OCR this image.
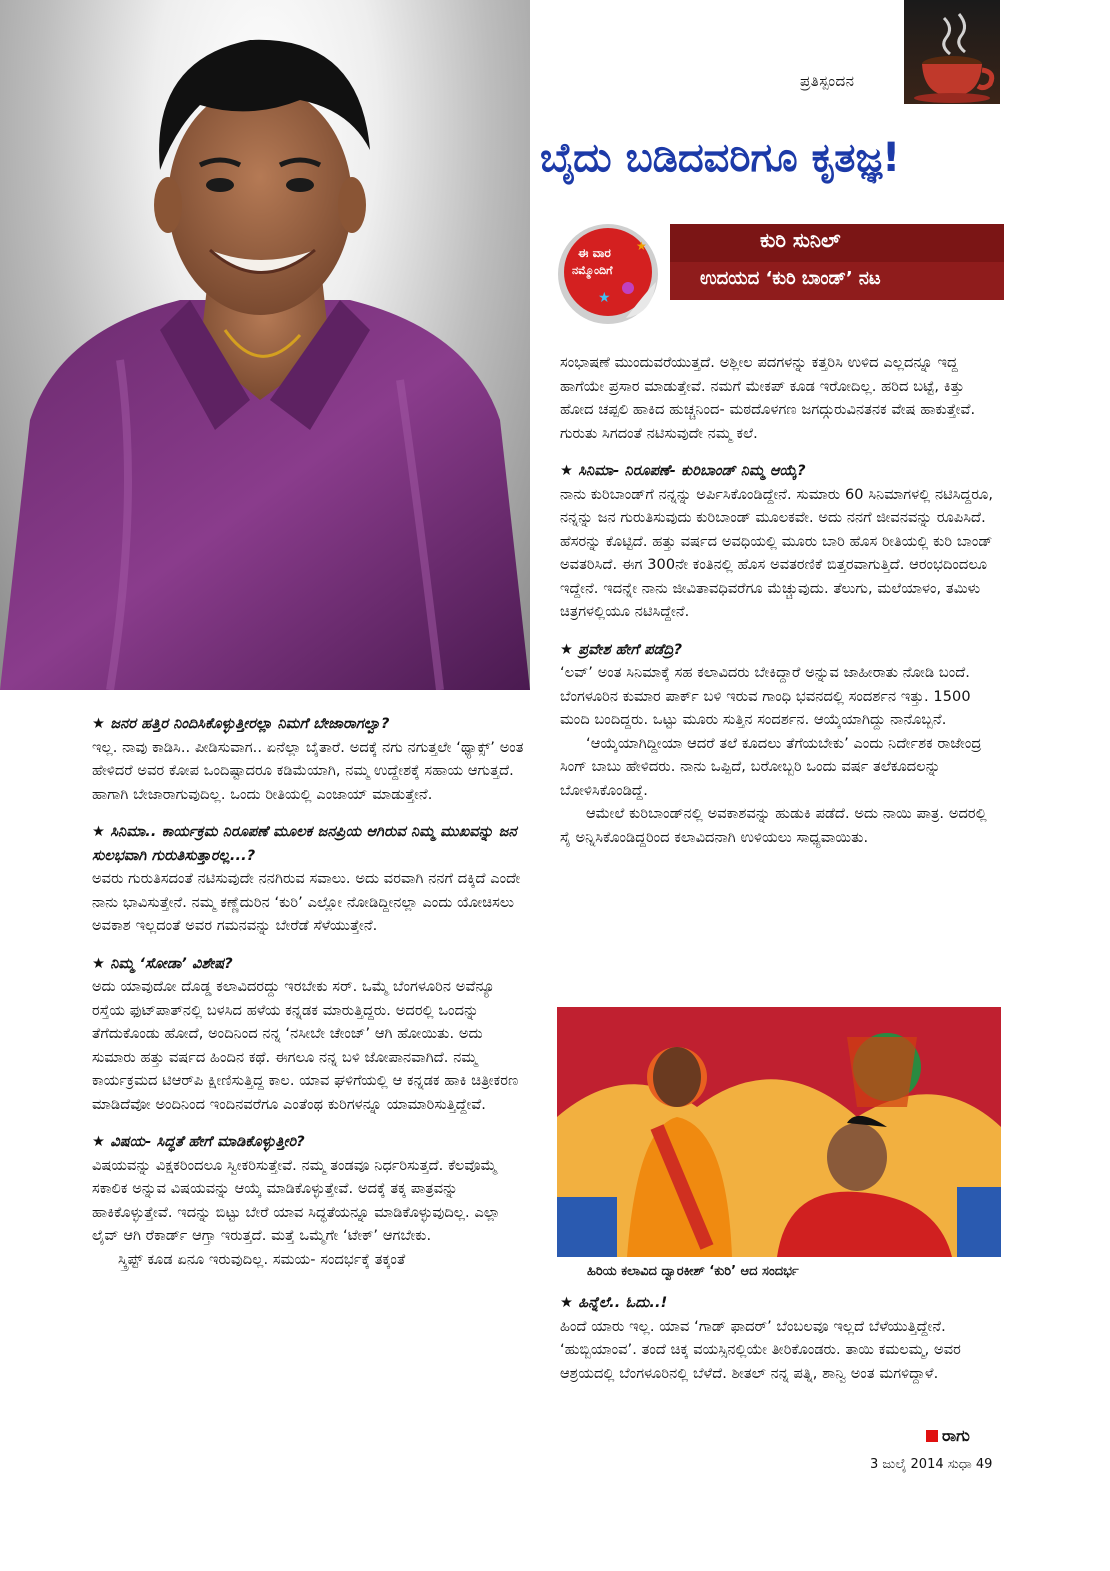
ಪ್ರತಿಸ್ಪಂದನ
ಬೈದು ಬಡಿದವರಿಗೂ ಕೃತಜ್ಞ!
ಕುರಿ ಸುನಿಲ್
ಉದಯದ ‘ಕುರಿ ಬಾಂಡ್’ ನಟ
★
★
ಈ ವಾರ
ನಮ್ಮೊಂದಿಗೆ

★ ಜನರ ಹತ್ತಿರ ನಿಂದಿಸಿಕೊಳ್ಳುತ್ತೀರಲ್ಲಾ ನಿಮಗೆ ಬೇಜಾರಾಗಲ್ವಾ?

ಇಲ್ಲ. ನಾವು ಕಾಡಿಸಿ.. ಪೀಡಿಸುವಾಗ.. ಏನೆಲ್ಲಾ ಬೈತಾರೆ. ಅದಕ್ಕೆ ನಗು ನಗುತ್ತಲೇ ‘ಥ್ಯಾಕ್ಸ್’ ಅಂತ ಹೇಳಿದರೆ ಅವರ ಕೋಪ ಒಂದಿಷ್ಟಾದರೂ ಕಡಿಮೆಯಾಗಿ, ನಮ್ಮ ಉದ್ದೇಶಕ್ಕೆ ಸಹಾಯ ಆಗುತ್ತದೆ. ಹಾಗಾಗಿ ಬೇಜಾರಾಗುವುದಿಲ್ಲ. ಒಂದು ರೀತಿಯಲ್ಲಿ ಎಂಜಾಯ್ ಮಾಡುತ್ತೇನೆ.

★ ಸಿನಿಮಾ.. ಕಾರ್ಯಕ್ರಮ ನಿರೂಪಣೆ ಮೂಲಕ ಜನಪ್ರಿಯ ಆಗಿರುವ ನಿಮ್ಮ ಮುಖವನ್ನು ಜನ ಸುಲಭವಾಗಿ ಗುರುತಿಸುತ್ತಾರಲ್ಲ...?

ಅವರು ಗುರುತಿಸದಂತೆ ನಟಿಸುವುದೇ ನನಗಿರುವ ಸವಾಲು. ಅದು ವರವಾಗಿ ನನಗೆ ದಕ್ಕಿದೆ ಎಂದೇ ನಾನು ಭಾವಿಸುತ್ತೇನೆ. ನಮ್ಮ ಕಣ್ಣೆದುರಿನ ‘ಕುರಿ’ ಎಲ್ಲೋ ನೋಡಿದ್ದೀನಲ್ಲಾ ಎಂದು ಯೋಚಿಸಲು ಅವಕಾಶ ಇಲ್ಲದಂತೆ ಅವರ ಗಮನವನ್ನು ಬೇರೆಡೆ ಸೆಳೆಯುತ್ತೇನೆ.

★ ನಿಮ್ಮ ‘ಸೋಡಾ’ ವಿಶೇಷ?

ಅದು ಯಾವುದೋ ದೊಡ್ಡ ಕಲಾವಿದರದ್ದು ಇರಬೇಕು ಸರ್. ಒಮ್ಮೆ ಬೆಂಗಳೂರಿನ ಅವೆನ್ಯೂ ರಸ್ತೆಯ ಫುಟ್‌ಪಾತ್‌ನಲ್ಲಿ ಬಳಸಿದ ಹಳೆಯ ಕನ್ನಡಕ ಮಾರುತ್ತಿದ್ದರು. ಅದರಲ್ಲಿ ಒಂದನ್ನು ತೆಗೆದುಕೊಂಡು ಹೋದೆ, ಅಂದಿನಿಂದ ನನ್ನ ‘ನಸೀಬೇ ಚೇಂಜ್’ ಆಗಿ ಹೋಯಿತು. ಅದು ಸುಮಾರು ಹತ್ತು ವರ್ಷದ ಹಿಂದಿನ ಕಥೆ. ಈಗಲೂ ನನ್ನ ಬಳಿ ಜೋಪಾನವಾಗಿದೆ. ನಮ್ಮ ಕಾರ್ಯಕ್ರಮದ ಟಿಆರ್‌ಪಿ ಕ್ಷೀಣಿಸುತ್ತಿದ್ದ ಕಾಲ. ಯಾವ ಘಳಿಗೆಯಲ್ಲಿ ಆ ಕನ್ನಡಕ ಹಾಕಿ ಚಿತ್ರೀಕರಣ ಮಾಡಿದೆವೋ ಅಂದಿನಿಂದ ಇಂದಿನವರೆಗೂ ಎಂತೆಂಥ ಕುರಿಗಳನ್ನೂ ಯಾಮಾರಿಸುತ್ತಿದ್ದೇವೆ.

★ ವಿಷಯ- ಸಿದ್ಧತೆ ಹೇಗೆ ಮಾಡಿಕೊಳ್ಳುತ್ತೀರಿ?

ವಿಷಯವನ್ನು ವಿಕ್ಷಕರಿಂದಲೂ ಸ್ವೀಕರಿಸುತ್ತೇವೆ. ನಮ್ಮ ತಂಡವೂ ನಿರ್ಧರಿಸುತ್ತದೆ. ಕೆಲವೊಮ್ಮೆ ಸಕಾಲಿಕ ಅನ್ನುವ ವಿಷಯವನ್ನು ಆಯ್ಕೆ ಮಾಡಿಕೊಳ್ಳುತ್ತೇವೆ. ಅದಕ್ಕೆ ತಕ್ಕ ಪಾತ್ರವನ್ನು ಹಾಕಿಕೊಳ್ಳುತ್ತೇವೆ. ಇದನ್ನು ಬಿಟ್ಟು ಬೇರೆ ಯಾವ ಸಿದ್ಧತೆಯನ್ನೂ ಮಾಡಿಕೊಳ್ಳುವುದಿಲ್ಲ. ಎಲ್ಲಾ ಲೈವ್ ಆಗಿ ರೆಕಾರ್ಡ್ ಆಗ್ತಾ ಇರುತ್ತದೆ. ಮತ್ತೆ ಒಮ್ಮೆಗೇ ‘ಟೇಕ್’ ಆಗಬೇಕು.

ಸ್ಕ್ರಿಪ್ಟ್ ಕೂಡ ಏನೂ ಇರುವುದಿಲ್ಲ. ಸಮಯ- ಸಂದರ್ಭಕ್ಕೆ ತಕ್ಕಂತೆ

ಸಂಭಾಷಣೆ ಮುಂದುವರೆಯುತ್ತದೆ. ಅಶ್ಲೀಲ ಪದಗಳನ್ನು ಕತ್ತರಿಸಿ ಉಳಿದ ಎಲ್ಲದನ್ನೂ ಇದ್ದ ಹಾಗೆಯೇ ಪ್ರಸಾರ ಮಾಡುತ್ತೇವೆ. ನಮಗೆ ಮೇಕಪ್ ಕೂಡ ಇರೋದಿಲ್ಲ. ಹರಿದ ಬಟ್ಟೆ, ಕಿತ್ತು ಹೋದ ಚಪ್ಪಲಿ ಹಾಕಿದ ಹುಚ್ಚನಿಂದ- ಮಠದೊಳಗಣ ಜಗದ್ಗುರುವಿನತನಕ ವೇಷ ಹಾಕುತ್ತೇವೆ. ಗುರುತು ಸಿಗದಂತೆ ನಟಿಸುವುದೇ ನಮ್ಮ ಕಲೆ.

★ ಸಿನಿಮಾ- ನಿರೂಪಣೆ- ಕುರಿಬಾಂಡ್ ನಿಮ್ಮ ಆಯ್ಕೆ?

ನಾನು ಕುರಿಬಾಂಡ್‌ಗೆ ನನ್ನನ್ನು ಅರ್ಪಿಸಿಕೊಂಡಿದ್ದೇನೆ. ಸುಮಾರು 60 ಸಿನಿಮಾಗಳಲ್ಲಿ ನಟಿಸಿದ್ದರೂ, ನನ್ನನ್ನು ಜನ ಗುರುತಿಸುವುದು ಕುರಿಬಾಂಡ್ ಮೂಲಕವೇ. ಅದು ನನಗೆ ಜೀವನವನ್ನು ರೂಪಿಸಿದೆ. ಹೆಸರನ್ನು ಕೊಟ್ಟಿದೆ. ಹತ್ತು ವರ್ಷದ ಅವಧಿಯಲ್ಲಿ ಮೂರು ಬಾರಿ ಹೊಸ ರೀತಿಯಲ್ಲಿ ಕುರಿ ಬಾಂಡ್ ಅವತರಿಸಿದೆ. ಈಗ 300ನೇ ಕಂತಿನಲ್ಲಿ ಹೊಸ ಅವತರಣಿಕೆ ಬಿತ್ತರವಾಗುತ್ತಿದೆ. ಆರಂಭದಿಂದಲೂ ಇದ್ದೇನೆ. ಇದನ್ನೇ ನಾನು ಜೀವಿತಾವಧಿವರೆಗೂ ಮೆಚ್ಚುವುದು. ತೆಲುಗು, ಮಲೆಯಾಳಂ, ತಮಿಳು ಚಿತ್ರಗಳಲ್ಲಿಯೂ ನಟಿಸಿದ್ದೇನೆ.

★ ಪ್ರವೇಶ ಹೇಗೆ ಪಡೆದ್ರಿ?

‘ಲವ್’ ಅಂತ ಸಿನಿಮಾಕ್ಕೆ ಸಹ ಕಲಾವಿದರು ಬೇಕಿದ್ದಾರೆ ಅನ್ನುವ ಜಾಹೀರಾತು ನೋಡಿ ಬಂದೆ. ಬೆಂಗಳೂರಿನ ಕುಮಾರ ಪಾರ್ಕ್ ಬಳಿ ಇರುವ ಗಾಂಧಿ ಭವನದಲ್ಲಿ ಸಂದರ್ಶನ ಇತ್ತು. 1500 ಮಂದಿ ಬಂದಿದ್ದರು. ಒಟ್ಟು ಮೂರು ಸುತ್ತಿನ ಸಂದರ್ಶನ. ಆಯ್ಕೆಯಾಗಿದ್ದು ನಾನೊಬ್ಬನೆ.

‘ಆಯ್ಕೆಯಾಗಿದ್ದೀಯಾ ಆದರೆ ತಲೆ ಕೂದಲು ತೆಗೆಯಬೇಕು’ ಎಂದು ನಿರ್ದೇಶಕ ರಾಜೇಂದ್ರ ಸಿಂಗ್ ಬಾಬು ಹೇಳಿದರು. ನಾನು ಒಪ್ಪಿದೆ, ಬರೋಬ್ಬರಿ ಒಂದು ವರ್ಷ ತಲೆಕೂದಲನ್ನು ಬೋಳಿಸಿಕೊಂಡಿದ್ದೆ.

ಆಮೇಲೆ ಕುರಿಬಾಂಡ್‌ನಲ್ಲಿ ಅವಕಾಶವನ್ನು ಹುಡುಕಿ ಪಡೆದೆ. ಅದು ನಾಯಿ ಪಾತ್ರ. ಅದರಲ್ಲಿ ಸೈ ಅನ್ನಿಸಿಕೊಂಡಿದ್ದರಿಂದ ಕಲಾವಿದನಾಗಿ ಉಳಿಯಲು ಸಾಧ್ಯವಾಯಿತು.

ಹಿರಿಯ ಕಲಾವಿದ ದ್ವಾರಕೀಶ್ ‘ಕುರಿ’ ಆದ ಸಂದರ್ಭ

★ ಹಿನ್ನೆಲೆ.. ಓದು..!

ಹಿಂದೆ ಯಾರು ಇಲ್ಲ. ಯಾವ ‘ಗಾಡ್ ಫಾದರ್’ ಬೆಂಬಲವೂ ಇಲ್ಲದೆ ಬೆಳೆಯುತ್ತಿದ್ದೇನೆ. ‘ಹುಬ್ಬಿಯಾಂವ’. ತಂದೆ ಚಿಕ್ಕ ವಯಸ್ಸಿನಲ್ಲಿಯೇ ತೀರಿಕೊಂಡರು. ತಾಯಿ ಕಮಲಮ್ಮ, ಅವರ ಆಶ್ರಯದಲ್ಲಿ ಬೆಂಗಳೂರಿನಲ್ಲಿ ಬೆಳೆದೆ. ಶೀತಲ್ ನನ್ನ ಪತ್ನಿ, ಶಾನ್ವಿ ಅಂತ ಮಗಳಿದ್ದಾಳೆ.

ರಾಗು
3 ಜುಲೈ 2014 ಸುಧಾ 49
